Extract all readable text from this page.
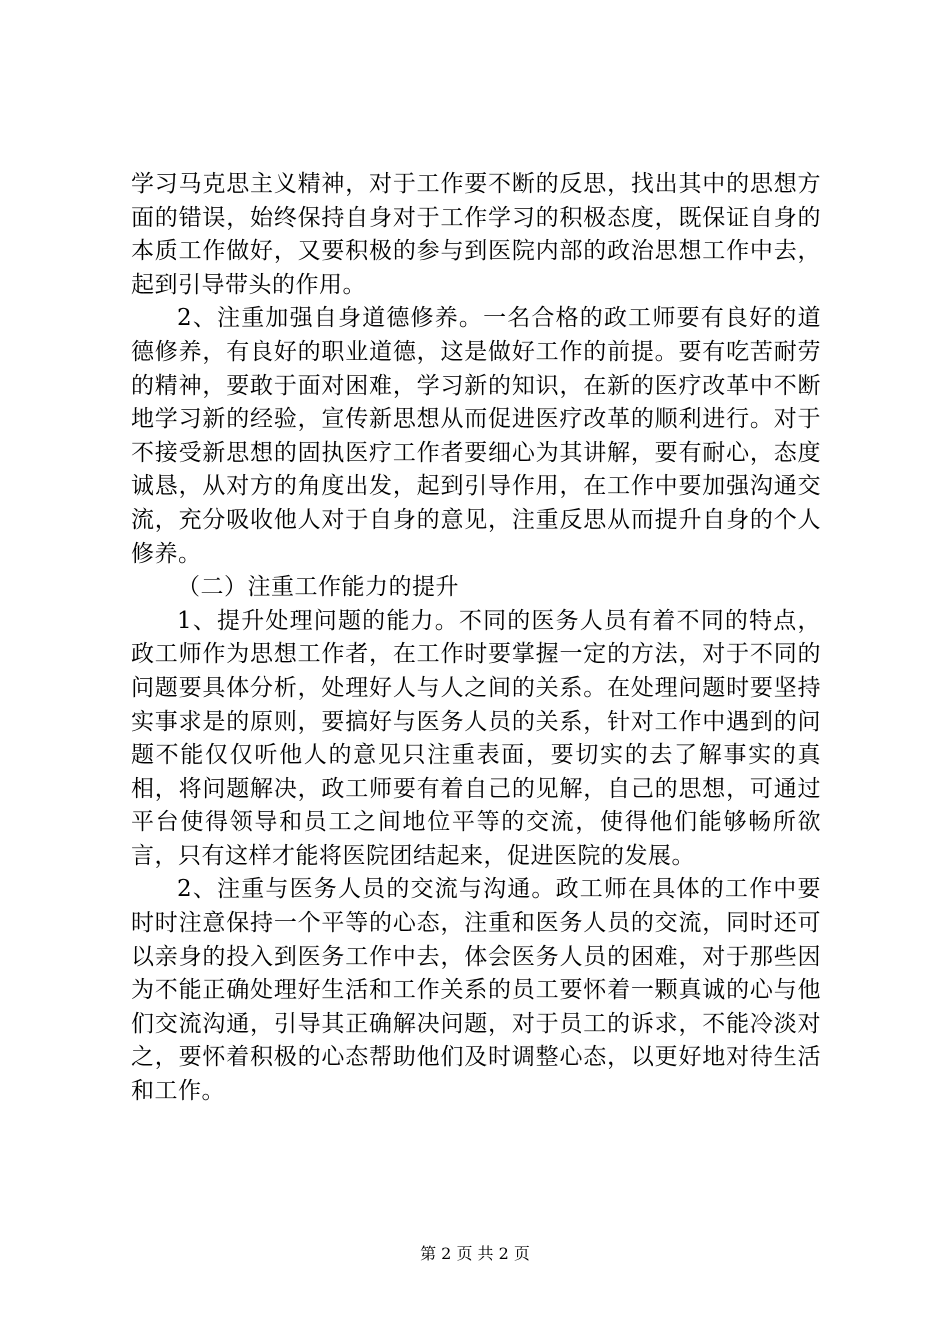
学习马克思主义精神，对于工作要不断的反思，找出其中的思想方面的错误，始终保持自身对于工作学习的积极态度，既保证自身的本质工作做好，又要积极的参与到医院内部的政治思想工作中去，起到引导带头的作用。

2、注重加强自身道德修养。一名合格的政工师要有良好的道德修养，有良好的职业道德，这是做好工作的前提。要有吃苦耐劳的精神，要敢于面对困难，学习新的知识，在新的医疗改革中不断地学习新的经验，宣传新思想从而促进医疗改革的顺利进行。对于不接受新思想的固执医疗工作者要细心为其讲解，要有耐心，态度诚恳，从对方的角度出发，起到引导作用，在工作中要加强沟通交流，充分吸收他人对于自身的意见，注重反思从而提升自身的个人修养。

（二）注重工作能力的提升

1、提升处理问题的能力。不同的医务人员有着不同的特点，政工师作为思想工作者，在工作时要掌握一定的方法，对于不同的问题要具体分析，处理好人与人之间的关系。在处理问题时要坚持实事求是的原则，要搞好与医务人员的关系，针对工作中遇到的问题不能仅仅听他人的意见只注重表面，要切实的去了解事实的真相，将问题解决，政工师要有着自己的见解，自己的思想，可通过平台使得领导和员工之间地位平等的交流，使得他们能够畅所欲言，只有这样才能将医院团结起来，促进医院的发展。

2、注重与医务人员的交流与沟通。政工师在具体的工作中要时时注意保持一个平等的心态，注重和医务人员的交流，同时还可以亲身的投入到医务工作中去，体会医务人员的困难，对于那些因为不能正确处理好生活和工作关系的员工要怀着一颗真诚的心与他们交流沟通，引导其正确解决问题，对于员工的诉求，不能冷淡对之，要怀着积极的心态帮助他们及时调整心态，以更好地对待生活和工作。

第 2 页 共 2 页
